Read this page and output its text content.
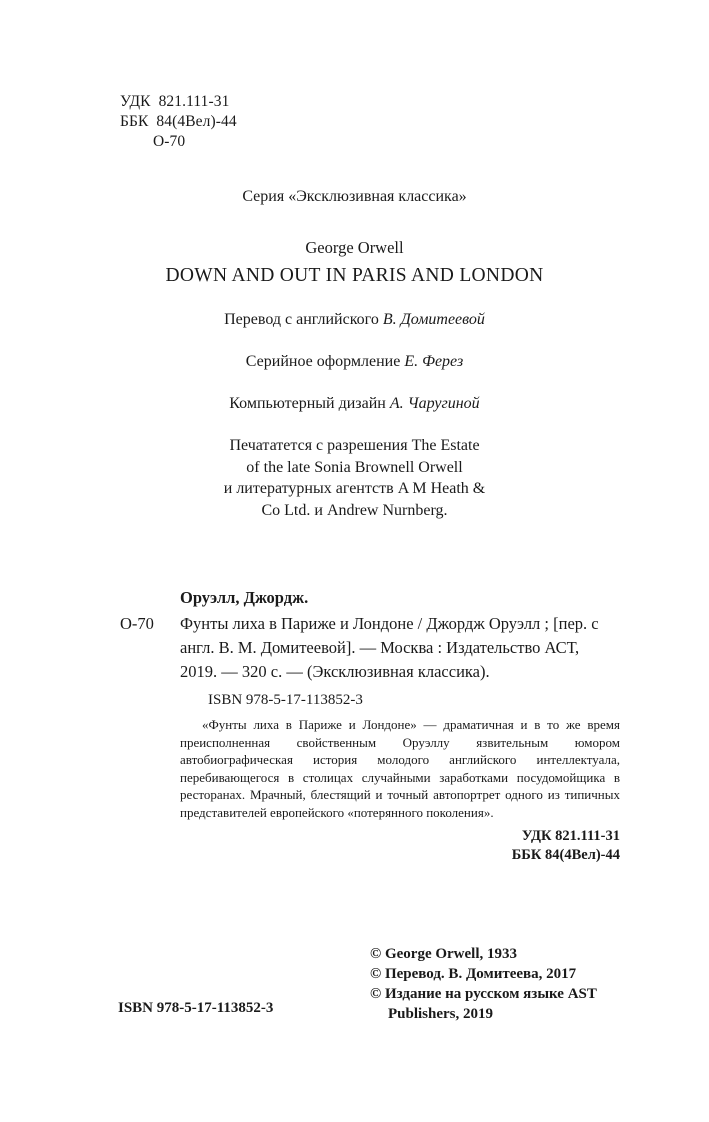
УДК  821.111-31
ББК  84(4Вел)-44
О-70
Серия «Эксклюзивная классика»
George Orwell
DOWN AND OUT IN PARIS AND LONDON
Перевод с английского В. Домитеевой
Серийное оформление Е. Ферез
Компьютерный дизайн А. Чаругиной
Печататется с разрешения The Estate
of the late Sonia Brownell Orwell
и литературных агентств A M Heath &
Co Ltd. и Andrew Nurnberg.
Оруэлл, Джордж.
О-70 Фунты лиха в Париже и Лондоне / Джордж Оруэлл ; [пер. с англ. В. М. Домитеевой]. — Москва : Издательство АСТ, 2019. — 320 с. — (Эксклюзивная классика).
ISBN 978-5-17-113852-3
«Фунты лиха в Париже и Лондоне» — драматичная и в то же время преисполненная свойственным Оруэллу язвительным юмором автобиографическая история молодого английского интеллектуала, перебивающегося в столицах случайными заработками посудомойщика в ресторанах. Мрачный, блестящий и точный автопортрет одного из типичных представителей европейского «потерянного поколения».
УДК 821.111-31
ББК 84(4Вел)-44
© George Orwell, 1933
© Перевод. В. Домитеева, 2017
© Издание на русском языке AST
Publishers, 2019
ISBN 978-5-17-113852-3
